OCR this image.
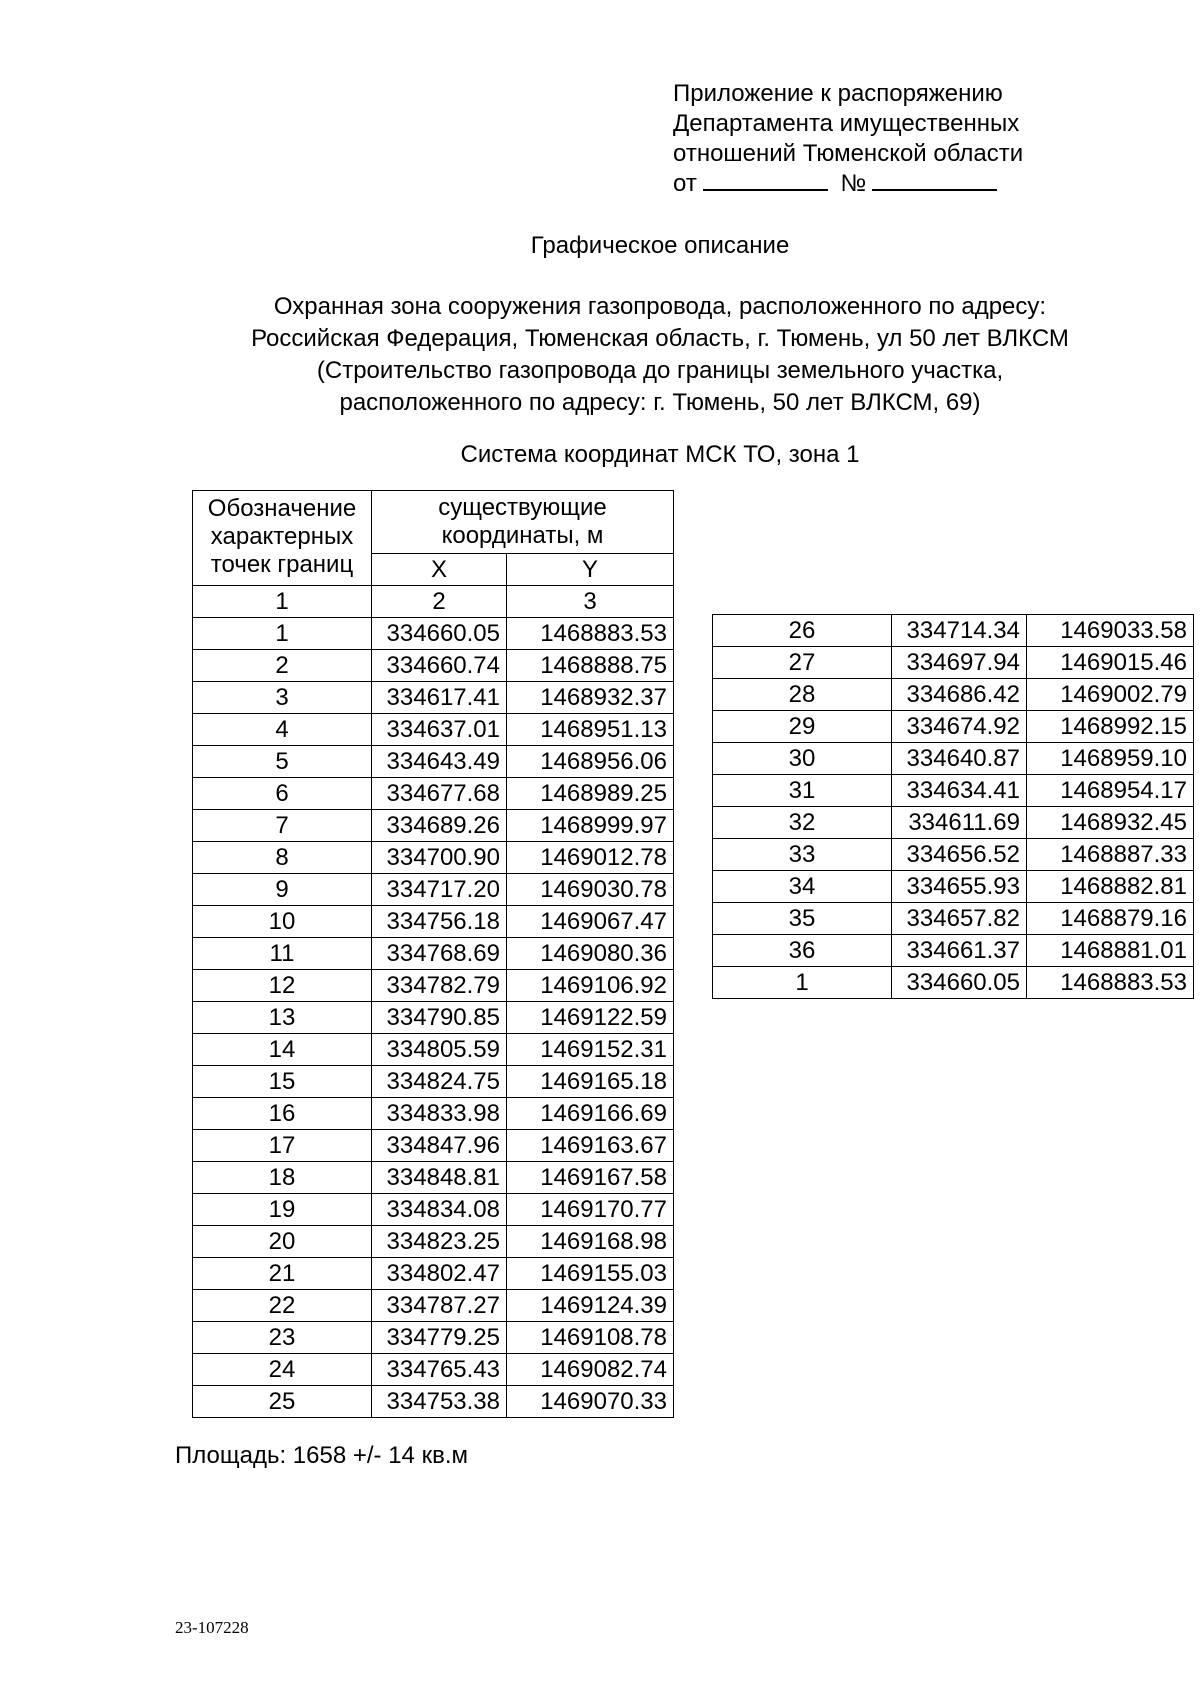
Приложение к распоряжению
Департамента имущественных
отношений Тюменской области
от	№
Графическое описание
Охранная зона сооружения газопровода, расположенного по адресу:
Российская Федерация, Тюменская область, г. Тюмень, ул 50 лет ВЛКСМ
(Строительство газопровода до границы земельного участка,
расположенного по адресу: г. Тюмень, 50 лет ВЛКСМ, 69)
Система координат МСК ТО, зона 1
Обозначение характерных точек границ	существующие координаты, м	
	X	Y
1	2	3
1	334660.05	1468883.53
2	334660.74	1468888.75
3	334617.41	1468932.37
4	334637.01	1468951.13
5	334643.49	1468956.06
6	334677.68	1468989.25
7	334689.26	1468999.97
8	334700.90	1469012.78
9	334717.20	1469030.78
10	334756.18	1469067.47
11	334768.69	1469080.36
12	334782.79	1469106.92
13	334790.85	1469122.59
14	334805.59	1469152.31
15	334824.75	1469165.18
16	334833.98	1469166.69
17	334847.96	1469163.67
18	334848.81	1469167.58
19	334834.08	1469170.77
20	334823.25	1469168.98
21	334802.47	1469155.03
22	334787.27	1469124.39
23	334779.25	1469108.78
24	334765.43	1469082.74
25	334753.38	1469070.33
26	334714.34	1469033.58
27	334697.94	1469015.46
28	334686.42	1469002.79
29	334674.92	1468992.15
30	334640.87	1468959.10
31	334634.41	1468954.17
32	334611.69	1468932.45
33	334656.52	1468887.33
34	334655.93	1468882.81
35	334657.82	1468879.16
36	334661.37	1468881.01
1	334660.05	1468883.53
Площадь: 1658 +/- 14 кв.м
23-107228
